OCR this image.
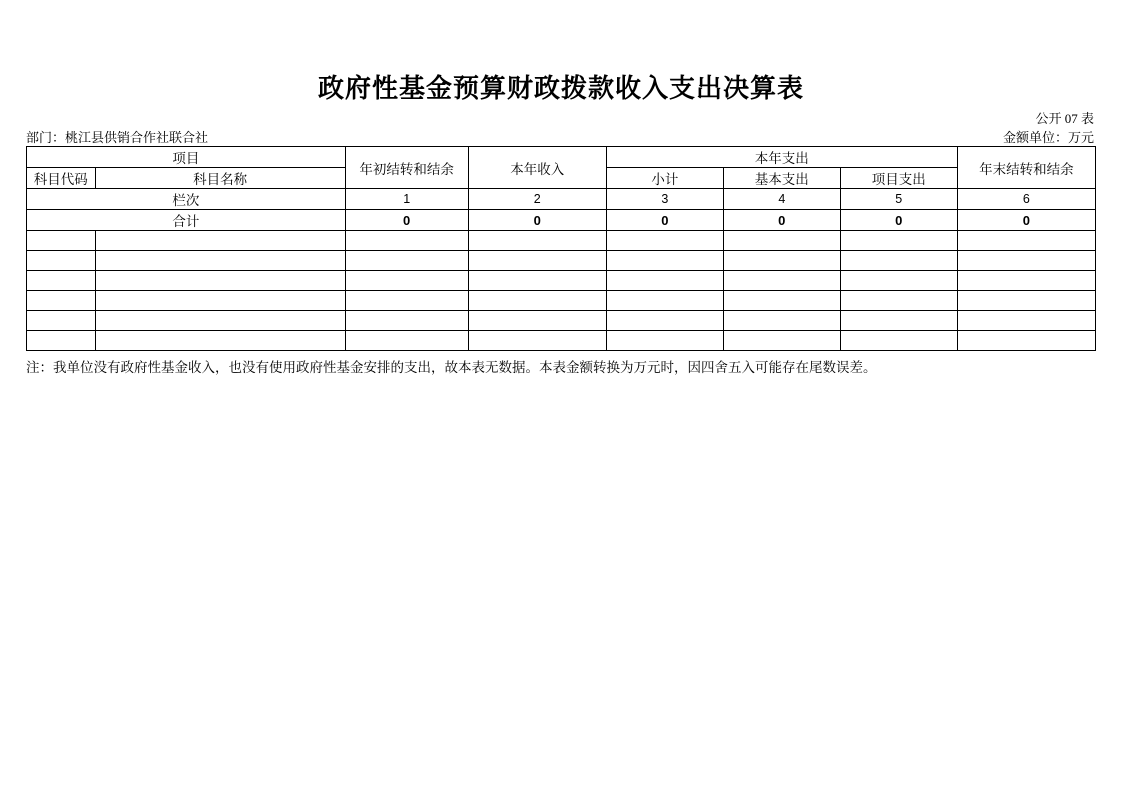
政府性基金预算财政拨款收入支出决算表
公开 07 表
金额单位：万元
部门：桃江县供销合作社联合社
项目		年初结转和结余	本年收入	本年支出			年末结转和结余
科目代码	科目名称			小计	基本支出	项目支出	
栏次		1	2	3	4	5	6
合计		0	0	0	0	0	0

注：我单位没有政府性基金收入，也没有使用政府性基金安排的支出，故本表无数据。本表金额转换为万元时，因四舍五入可能存在尾数误差。
